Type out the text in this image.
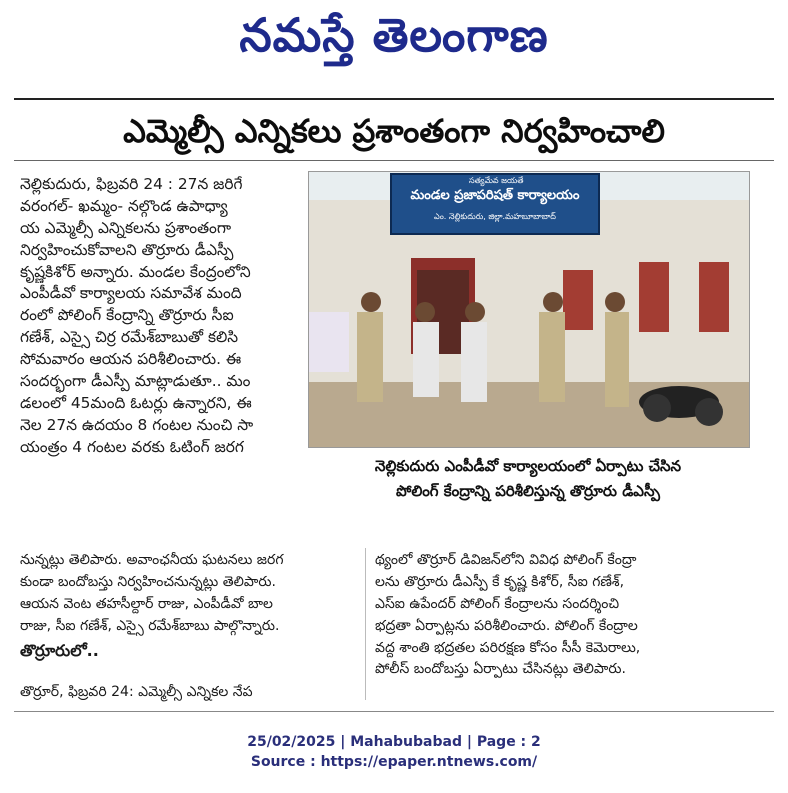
నమస్తే తెలంగాణ
ఎమ్మెల్సీ ఎన్నికలు ప్రశాంతంగా నిర్వహించాలి
నెల్లికుదురు, ఫిబ్రవరి 24 : 27న జరిగే
వరంగల్- ఖమ్మం- నల్గొండ ఉపాధ్యా
య ఎమ్మెల్సీ ఎన్నికలను ప్రశాంతంగా
నిర్వహించుకోవాలని తొర్రూరు డీఎస్పీ
కృష్ణకిశోర్ అన్నారు. మండల కేంద్రంలోని
ఎంపీడీవో కార్యాలయ సమావేశ మంది
రంలో పోలింగ్ కేంద్రాన్ని తొర్రూరు సీఐ
గణేశ్, ఎస్సై చిర్ర రమేశ్‌బాబుతో కలిసి
సోమవారం ఆయన పరిశీలించారు. ఈ
సందర్భంగా డీఎస్పీ మాట్లాడుతూ.. మం
డలంలో 45మంది ఓటర్లు ఉన్నారని, ఈ
నెల 27న ఉదయం 8 గంటల నుంచి సా
యంత్రం 4 గంటల వరకు ఓటింగ్ జరగ
సత్యమేవ జయతే
మండల ప్రజాపరిషత్ కార్యాలయం
ఎం. నెల్లికుదురు, జిల్లా.మహబూబాబాద్
నెల్లికుదురు ఎంపీడీవో కార్యాలయంలో ఏర్పాటు చేసిన
పోలింగ్ కేంద్రాన్ని పరిశీలిస్తున్న తొర్రూరు డీఎస్పీ
నున్నట్లు తెలిపారు. అవాంఛనీయ ఘటనలు జరగ
కుండా బందోబస్తు నిర్వహించనున్నట్లు తెలిపారు.
ఆయన వెంట తహసీల్దార్ రాజు, ఎంపీడీవో బాల
రాజు, సీఐ గణేశ్, ఎస్సై రమేశ్‌బాబు పాల్గొన్నారు.
తొర్రూరులో..
తొర్రూర్, ఫిబ్రవరి 24: ఎమ్మెల్సీ ఎన్నికల నేప
థ్యంలో తొర్రూర్ డివిజన్‌లోని వివిధ పోలింగ్ కేంద్రా
లను తొర్రూరు డీఎస్పీ కే కృష్ణ కిశోర్, సీఐ గణేశ్,
ఎస్ఐ ఉపేందర్ పోలింగ్ కేంద్రాలను సందర్శించి
భద్రతా ఏర్పాట్లను పరిశీలించారు. పోలింగ్ కేంద్రాల
వద్ద శాంతి భద్రతల పరిరక్షణ కోసం సీసీ కెమెరాలు,
పోలీస్ బందోబస్తు ఏర్పాటు చేసినట్లు తెలిపారు.
25/02/2025 | Mahabubabad | Page : 2
Source : https://epaper.ntnews.com/
